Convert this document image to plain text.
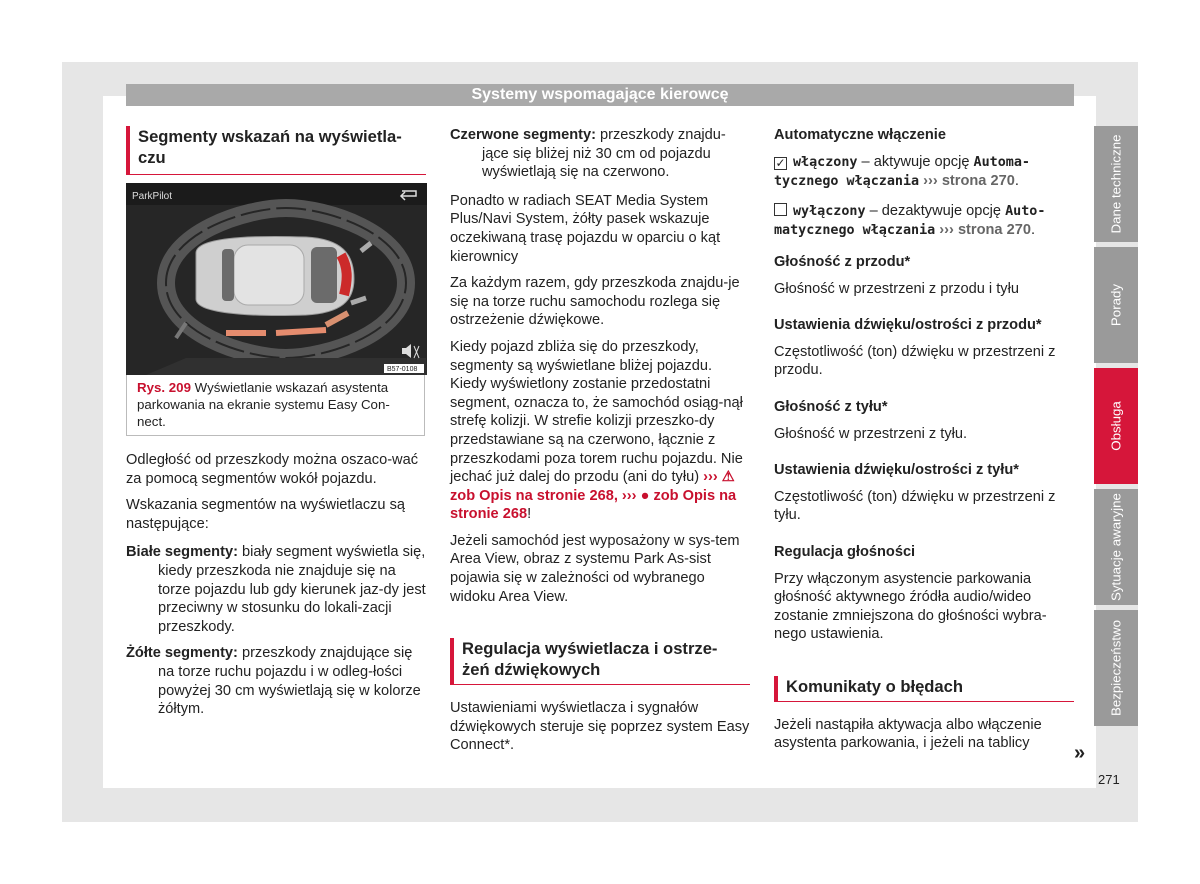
Systemy wspomagające kierowcę
Segmenty wskazań na wyświetla-
czu
ParkPilot
B57-0108
Rys. 209 Wyświetlanie wskazań asystenta parkowania na ekranie systemu Easy Con-nect.

Odległość od przeszkody można oszaco-wać za pomocą segmentów wokół pojazdu.

Wskazania segmentów na wyświetlaczu są następujące:

Białe segmenty: biały segment wyświetla się, kiedy przeszkoda nie znajduje się na torze pojazdu lub gdy kierunek jaz-dy jest przeciwny w stosunku do lokali-zacji przeszkody.

Żółte segmenty: przeszkody znajdujące się na torze ruchu pojazdu i w odleg-łości powyżej 30 cm wyświetlają się w kolorze żółtym.

Czerwone segmenty: przeszkody znajdu-jące się bliżej niż 30 cm od pojazdu wyświetlają się na czerwono.

Ponadto w radiach SEAT Media System Plus/Navi System, żółty pasek wskazuje oczekiwaną trasę pojazdu w oparciu o kąt kierownicy

Za każdym razem, gdy przeszkoda znajdu-je się na torze ruchu samochodu rozlega się ostrzeżenie dźwiękowe.

Kiedy pojazd zbliża się do przeszkody, segmenty są wyświetlane bliżej pojazdu. Kiedy wyświetlony zostanie przedostatni segment, oznacza to, że samochód osiąg-nął strefę kolizji. W strefie kolizji przeszko-dy przedstawiane są na czerwono, łącznie z przeszkodami poza torem ruchu pojazdu. Nie jechać już dalej do przodu (ani do tyłu) ››› ⚠ zob Opis na stronie 268, ››› ● zob Opis na stronie 268!

Jeżeli samochód jest wyposażony w sys-tem Area View, obraz z systemu Park As-sist pojawia się w zależności od wybranego widoku Area View.

Regulacja wyświetlacza i ostrze-
żeń dźwiękowych

Ustawieniami wyświetlacza i sygnałów dźwiękowych steruje się poprzez system Easy Connect*.

Automatyczne włączenie

✓ włączony – aktywuje opcję Automa-tycznego włączania ››› strona 270.

wyłączony – dezaktywuje opcję Auto-matycznego włączania ››› strona 270.

Głośność z przodu*

Głośność w przestrzeni z przodu i tyłu

Ustawienia dźwięku/ostrości z przodu*

Częstotliwość (ton) dźwięku w przestrzeni z przodu.

Głośność z tyłu*

Głośność w przestrzeni z tyłu.

Ustawienia dźwięku/ostrości z tyłu*

Częstotliwość (ton) dźwięku w przestrzeni z tyłu.

Regulacja głośności

Przy włączonym asystencie parkowania głośność aktywnego źródła audio/wideo zostanie zmniejszona do głośności wybra-nego ustawienia.

Komunikaty o błędach

Jeżeli nastąpiła aktywacja albo włączenie asystenta parkowania, i jeżeli na tablicy	»
Dane techniczne
Porady
Obsługa
Sytuacje awaryjne
Bezpieczeństwo
271
